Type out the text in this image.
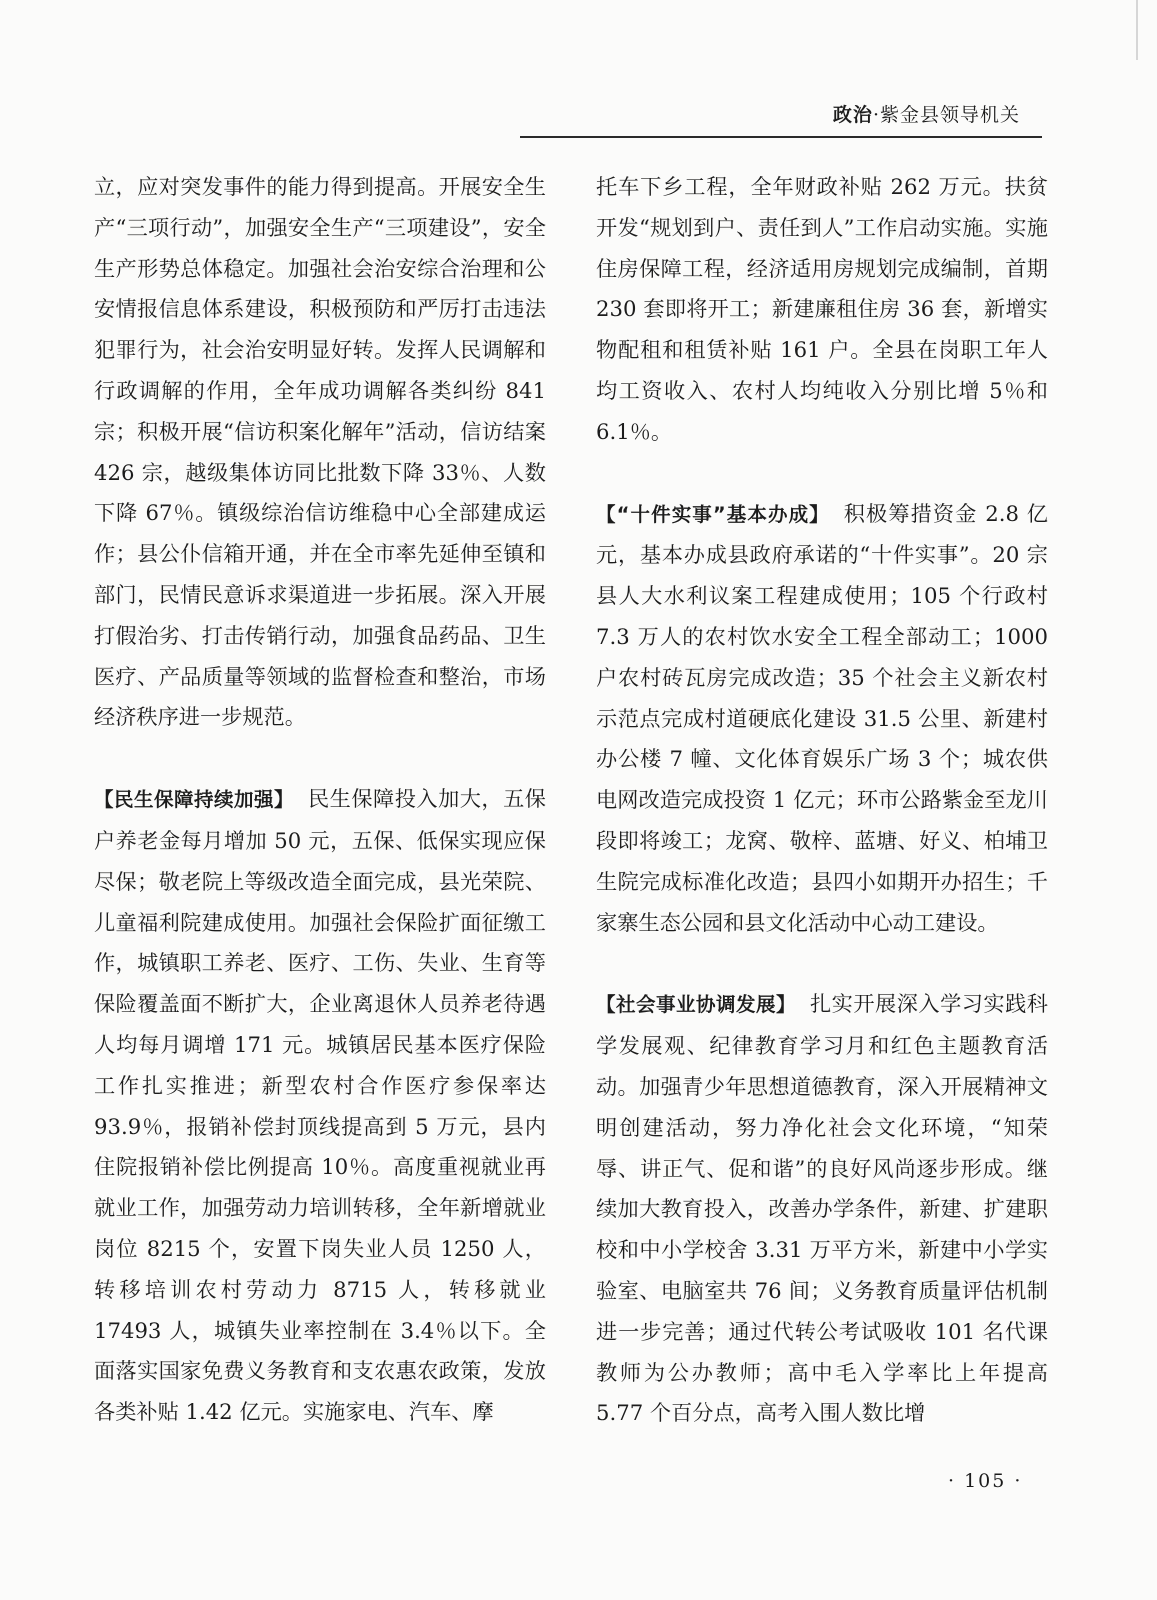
政治·紫金县领导机关

立，应对突发事件的能力得到提高。开展安全生产“三项行动”，加强安全生产“三项建设”，安全生产形势总体稳定。加强社会治安综合治理和公安情报信息体系建设，积极预防和严厉打击违法犯罪行为，社会治安明显好转。发挥人民调解和行政调解的作用，全年成功调解各类纠纷 841 宗；积极开展“信访积案化解年”活动，信访结案 426 宗，越级集体访同比批数下降 33％、人数下降 67％。镇级综治信访维稳中心全部建成运作；县公仆信箱开通，并在全市率先延伸至镇和部门，民情民意诉求渠道进一步拓展。深入开展打假治劣、打击传销行动，加强食品药品、卫生医疗、产品质量等领域的监督检查和整治，市场经济秩序进一步规范。

【民生保障持续加强】 民生保障投入加大，五保户养老金每月增加 50 元，五保、低保实现应保尽保；敬老院上等级改造全面完成，县光荣院、儿童福利院建成使用。加强社会保险扩面征缴工作，城镇职工养老、医疗、工伤、失业、生育等保险覆盖面不断扩大，企业离退休人员养老待遇人均每月调增 171 元。城镇居民基本医疗保险工作扎实推进；新型农村合作医疗参保率达 93.9％，报销补偿封顶线提高到 5 万元，县内住院报销补偿比例提高 10％。高度重视就业再就业工作，加强劳动力培训转移，全年新增就业岗位 8215 个，安置下岗失业人员 1250 人，转移培训农村劳动力 8715 人，转移就业 17493 人，城镇失业率控制在 3.4％以下。全面落实国家免费义务教育和支农惠农政策，发放各类补贴 1.42 亿元。实施家电、汽车、摩

托车下乡工程，全年财政补贴 262 万元。扶贫开发“规划到户、责任到人”工作启动实施。实施住房保障工程，经济适用房规划完成编制，首期 230 套即将开工；新建廉租住房 36 套，新增实物配租和租赁补贴 161 户。全县在岗职工年人均工资收入、农村人均纯收入分别比增 5％和 6.1％。

【“十件实事”基本办成】 积极筹措资金 2.8 亿元，基本办成县政府承诺的“十件实事”。20 宗县人大水利议案工程建成使用；105 个行政村 7.3 万人的农村饮水安全工程全部动工；1000 户农村砖瓦房完成改造；35 个社会主义新农村示范点完成村道硬底化建设 31.5 公里、新建村办公楼 7 幢、文化体育娱乐广场 3 个；城农供电网改造完成投资 1 亿元；环市公路紫金至龙川段即将竣工；龙窝、敬梓、蓝塘、好义、柏埔卫生院完成标准化改造；县四小如期开办招生；千家寨生态公园和县文化活动中心动工建设。

【社会事业协调发展】 扎实开展深入学习实践科学发展观、纪律教育学习月和红色主题教育活动。加强青少年思想道德教育，深入开展精神文明创建活动，努力净化社会文化环境，“知荣辱、讲正气、促和谐”的良好风尚逐步形成。继续加大教育投入，改善办学条件，新建、扩建职校和中小学校舍 3.31 万平方米，新建中小学实验室、电脑室共 76 间；义务教育质量评估机制进一步完善；通过代转公考试吸收 101 名代课教师为公办教师；高中毛入学率比上年提高 5.77 个百分点，高考入围人数比增

· 105 ·
